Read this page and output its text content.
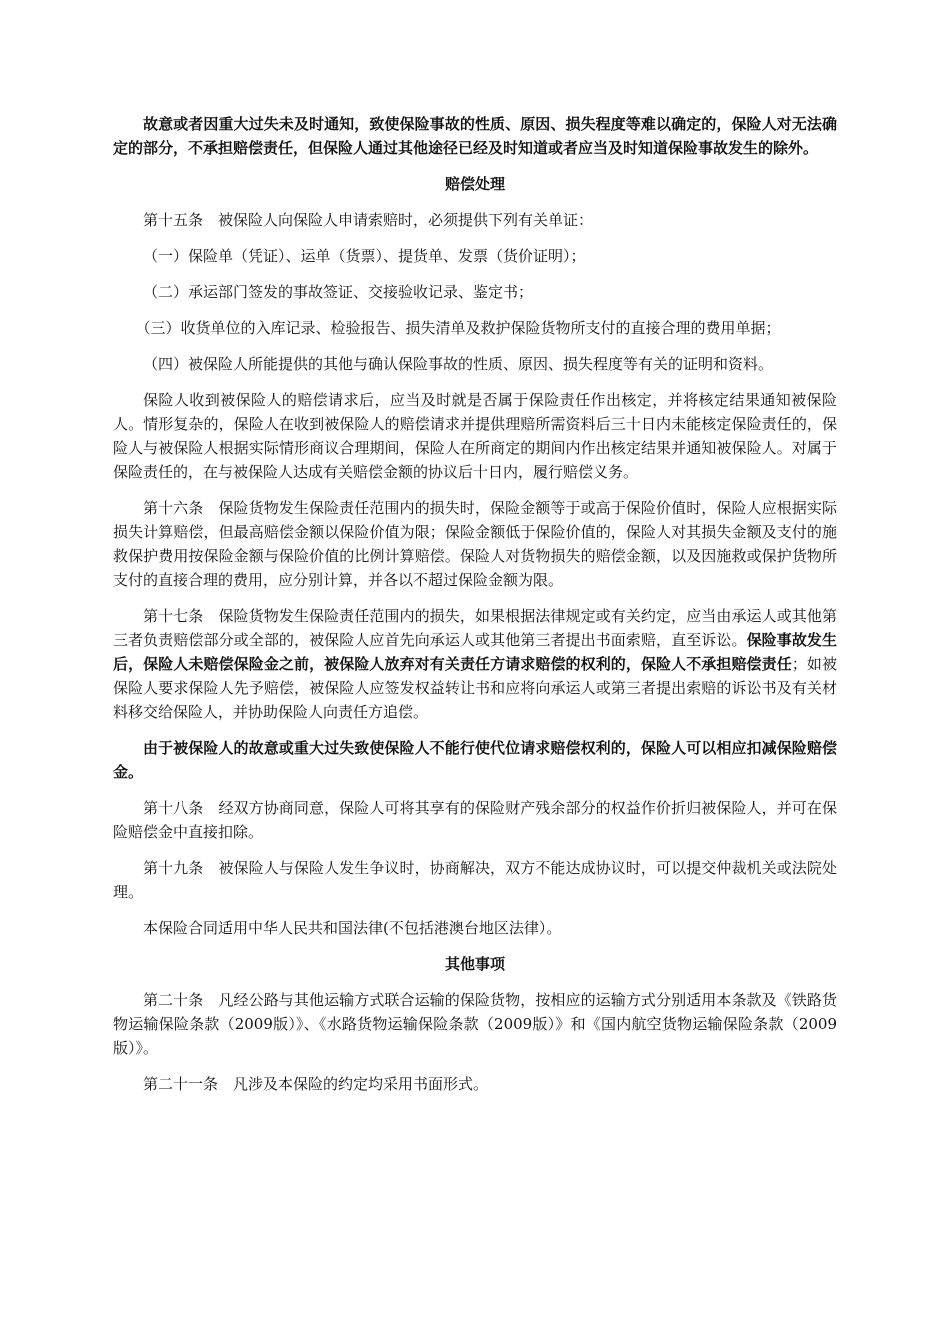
故意或者因重大过失未及时通知，致使保险事故的性质、原因、损失程度等难以确定的，保险人对无法确定的部分，不承担赔偿责任，但保险人通过其他途径已经及时知道或者应当及时知道保险事故发生的除外。

赔偿处理

第十五条　被保险人向保险人申请索赔时，必须提供下列有关单证：

（一）保险单（凭证）、运单（货票）、提货单、发票（货价证明）；

（二）承运部门签发的事故签证、交接验收记录、鉴定书；

（三）收货单位的入库记录、检验报告、损失清单及救护保险货物所支付的直接合理的费用单据；

（四）被保险人所能提供的其他与确认保险事故的性质、原因、损失程度等有关的证明和资料。

保险人收到被保险人的赔偿请求后，应当及时就是否属于保险责任作出核定，并将核定结果通知被保险人。情形复杂的，保险人在收到被保险人的赔偿请求并提供理赔所需资料后三十日内未能核定保险责任的，保险人与被保险人根据实际情形商议合理期间，保险人在所商定的期间内作出核定结果并通知被保险人。对属于保险责任的，在与被保险人达成有关赔偿金额的协议后十日内，履行赔偿义务。

第十六条　保险货物发生保险责任范围内的损失时，保险金额等于或高于保险价值时，保险人应根据实际损失计算赔偿，但最高赔偿金额以保险价值为限；保险金额低于保险价值的，保险人对其损失金额及支付的施救保护费用按保险金额与保险价值的比例计算赔偿。保险人对货物损失的赔偿金额，以及因施救或保护货物所支付的直接合理的费用，应分别计算，并各以不超过保险金额为限。

第十七条　保险货物发生保险责任范围内的损失，如果根据法律规定或有关约定，应当由承运人或其他第三者负责赔偿部分或全部的，被保险人应首先向承运人或其他第三者提出书面索赔，直至诉讼。保险事故发生后，保险人未赔偿保险金之前，被保险人放弃对有关责任方请求赔偿的权利的，保险人不承担赔偿责任；如被保险人要求保险人先予赔偿，被保险人应签发权益转让书和应将向承运人或第三者提出索赔的诉讼书及有关材料移交给保险人，并协助保险人向责任方追偿。

由于被保险人的故意或重大过失致使保险人不能行使代位请求赔偿权利的，保险人可以相应扣减保险赔偿金。

第十八条　经双方协商同意，保险人可将其享有的保险财产残余部分的权益作价折归被保险人，并可在保险赔偿金中直接扣除。

第十九条　被保险人与保险人发生争议时，协商解决，双方不能达成协议时，可以提交仲裁机关或法院处理。

本保险合同适用中华人民共和国法律(不包括港澳台地区法律）。

其他事项

第二十条　凡经公路与其他运输方式联合运输的保险货物，按相应的运输方式分别适用本条款及《铁路货物运输保险条款（2009版）》、《水路货物运输保险条款（2009版）》和《国内航空货物运输保险条款（2009版）》。

第二十一条　凡涉及本保险的约定均采用书面形式。
